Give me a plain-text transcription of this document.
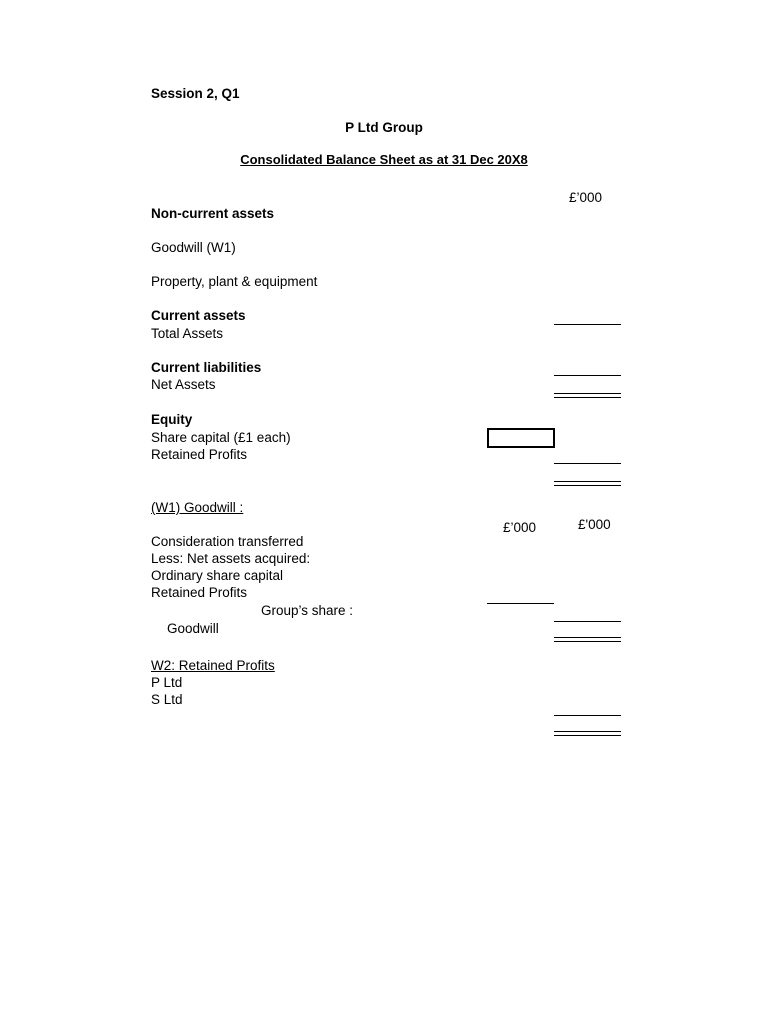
Session 2, Q1
P Ltd Group
Consolidated Balance Sheet as at 31 Dec 20X8
£’000
Non-current assets
Goodwill (W1)
Property, plant & equipment
Current assets
Total Assets
Current liabilities
Net Assets
Equity
Share capital (£1 each)
Retained Profits
(W1) Goodwill :
£'000
£’000
Consideration transferred
Less: Net assets acquired:
Ordinary share capital
Retained Profits
Group’s share :
Goodwill
W2: Retained Profits
P Ltd
S Ltd
